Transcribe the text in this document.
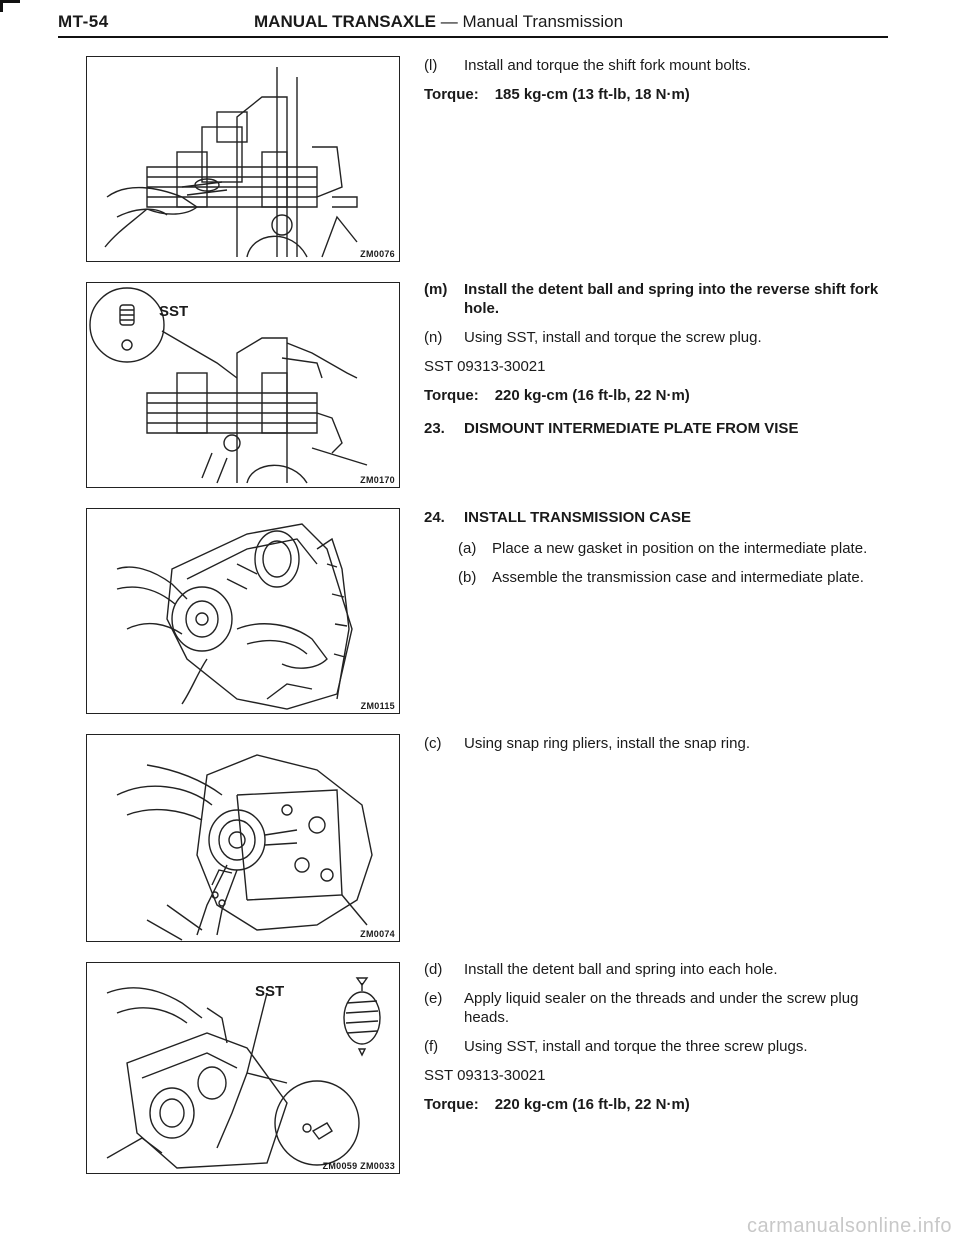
MT-54	MANUAL TRANSAXLE — Manual Transmission
ZM0076
SST
ZM0170
ZM0115
ZM0074
SST
ZM0059 ZM0033
(l) Install and torque the shift fork mount bolts.
Torque: 185 kg-cm (13 ft-lb, 18 N·m)
(m) Install the detent ball and spring into the reverse shift fork hole.
(n) Using SST, install and torque the screw plug.
SST 09313-30021
Torque: 220 kg-cm (16 ft-lb, 22 N·m)
23. DISMOUNT INTERMEDIATE PLATE FROM VISE
24. INSTALL TRANSMISSION CASE
(a) Place a new gasket in position on the intermediate plate.
(b) Assemble the transmission case and intermediate plate.
(c) Using snap ring pliers, install the snap ring.
(d) Install the detent ball and spring into each hole.
(e) Apply liquid sealer on the threads and under the screw plug heads.
(f) Using SST, install and torque the three screw plugs.
SST 09313-30021
Torque: 220 kg-cm (16 ft-lb, 22 N·m)
carmanualsonline.info
